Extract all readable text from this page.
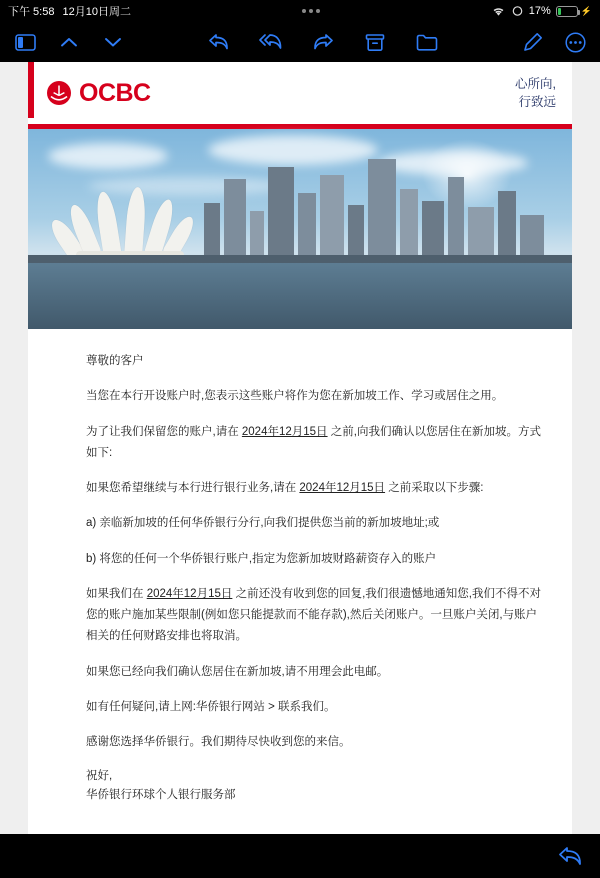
下午 5:58 12月10日周二	17%	⚡
OCBC	心所向,
行致远

尊敬的客户

当您在本行开设账户时,您表示这些账户将作为您在新加坡工作、学习或居住之用。

为了让我们保留您的账户,请在 2024年12月15日 之前,向我们确认以您居住在新加坡。方式如下:

如果您希望继续与本行进行银行业务,请在 2024年12月15日 之前采取以下步骤:

a) 亲临新加坡的任何华侨银行分行,向我们提供您当前的新加坡地址;或

b) 将您的任何一个华侨银行账户,指定为您新加坡财路薪资存入的账户

如果我们在 2024年12月15日 之前还没有收到您的回复,我们很遗憾地通知您,我们不得不对您的账户施加某些限制(例如您只能提款而不能存款),然后关闭账户。一旦账户关闭,与账户相关的任何财路安排也将取消。

如果您已经向我们确认您居住在新加坡,请不用理会此电邮。

如有任何疑问,请上网:华侨银行网站 > 联系我们。

感谢您选择华侨银行。我们期待尽快收到您的来信。

祝好,
华侨银行环球个人银行服务部
